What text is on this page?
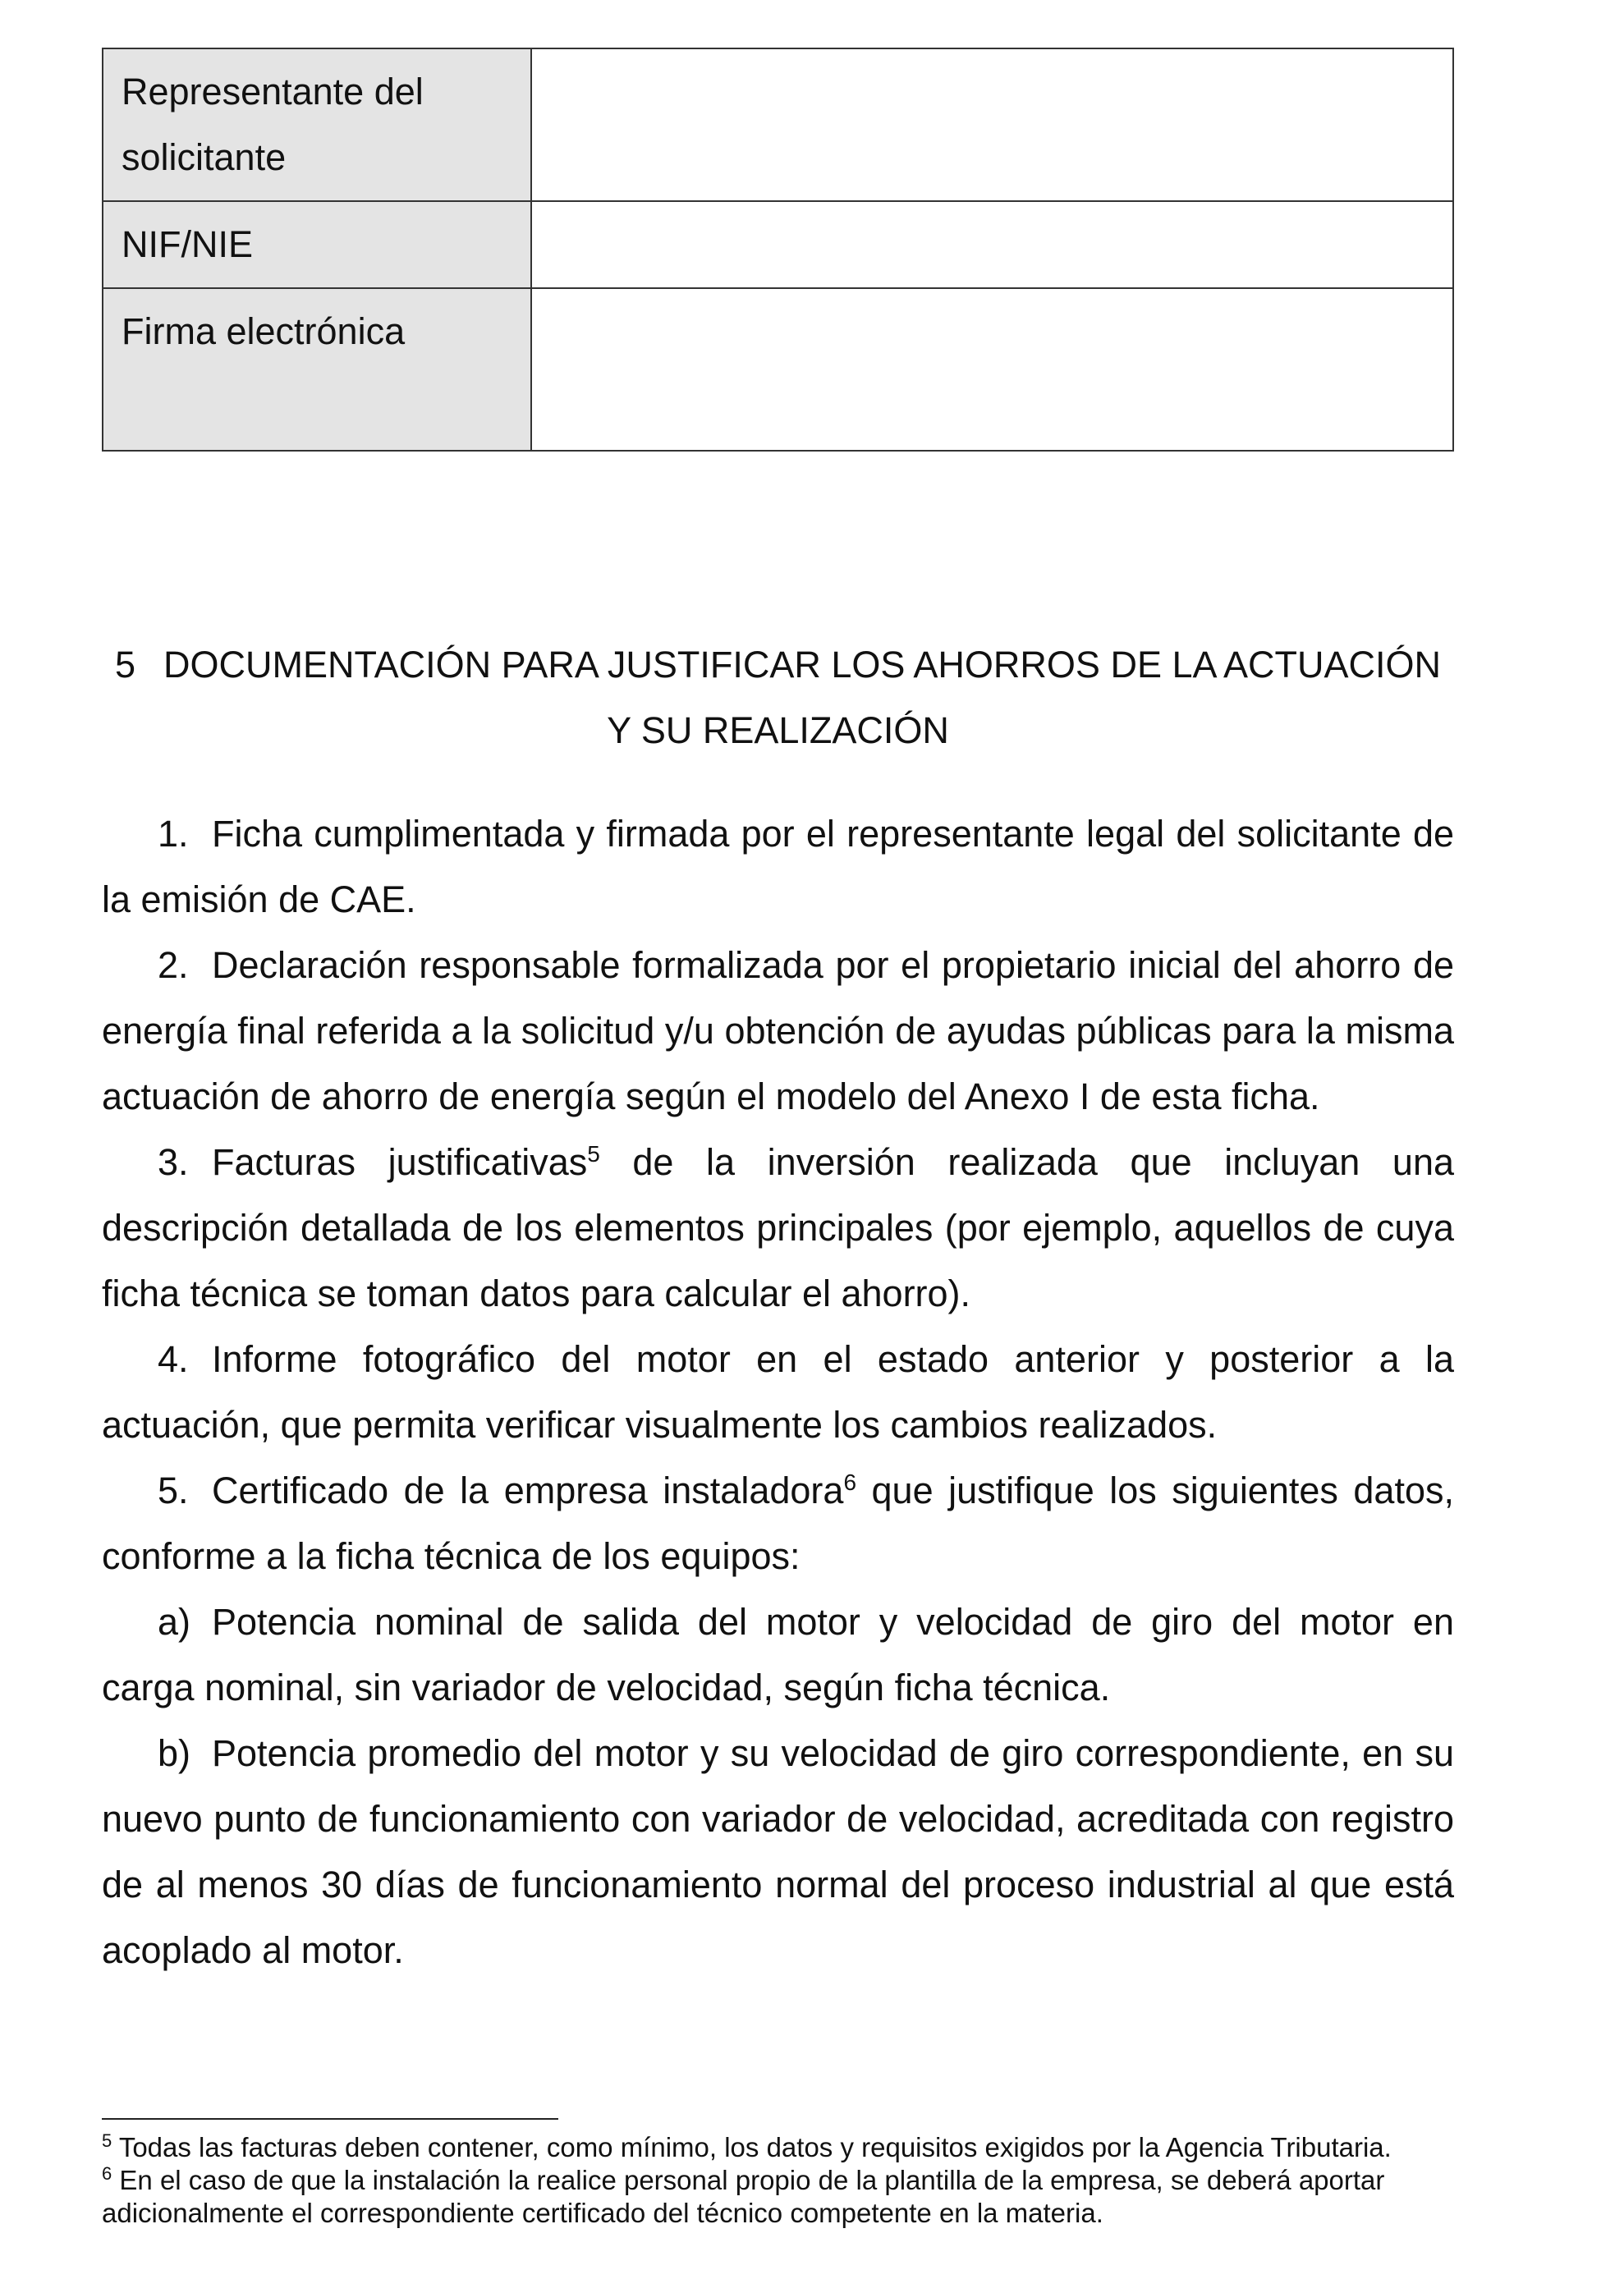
Representante del solicitante	
NIF/NIE	
Firma electrónica	
5 DOCUMENTACIÓN PARA JUSTIFICAR LOS AHORROS DE LA ACTUACIÓN Y SU REALIZACIÓN

1. Ficha cumplimentada y firmada por el representante legal del solicitante de la emisión de CAE.

2. Declaración responsable formalizada por el propietario inicial del ahorro de energía final referida a la solicitud y/u obtención de ayudas públicas para la misma actuación de ahorro de energía según el modelo del Anexo I de esta ficha.

3. Facturas justificativas$^5$ de la inversión realizada que incluyan una descripción detallada de los elementos principales (por ejemplo, aquellos de cuya ficha técnica se toman datos para calcular el ahorro).

4. Informe fotográfico del motor en el estado anterior y posterior a la actuación, que permita verificar visualmente los cambios realizados.

5. Certificado de la empresa instaladora$^6$ que justifique los siguientes datos, conforme a la ficha técnica de los equipos:

a) Potencia nominal de salida del motor y velocidad de giro del motor en carga nominal, sin variador de velocidad, según ficha técnica.

b) Potencia promedio del motor y su velocidad de giro correspondiente, en su nuevo punto de funcionamiento con variador de velocidad, acreditada con registro de al menos 30 días de funcionamiento normal del proceso industrial al que está acoplado al motor.

$^5$ Todas las facturas deben contener, como mínimo, los datos y requisitos exigidos por la Agencia Tributaria.

$^6$ En el caso de que la instalación la realice personal propio de la plantilla de la empresa, se deberá aportar adicionalmente el correspondiente certificado del técnico competente en la materia.
